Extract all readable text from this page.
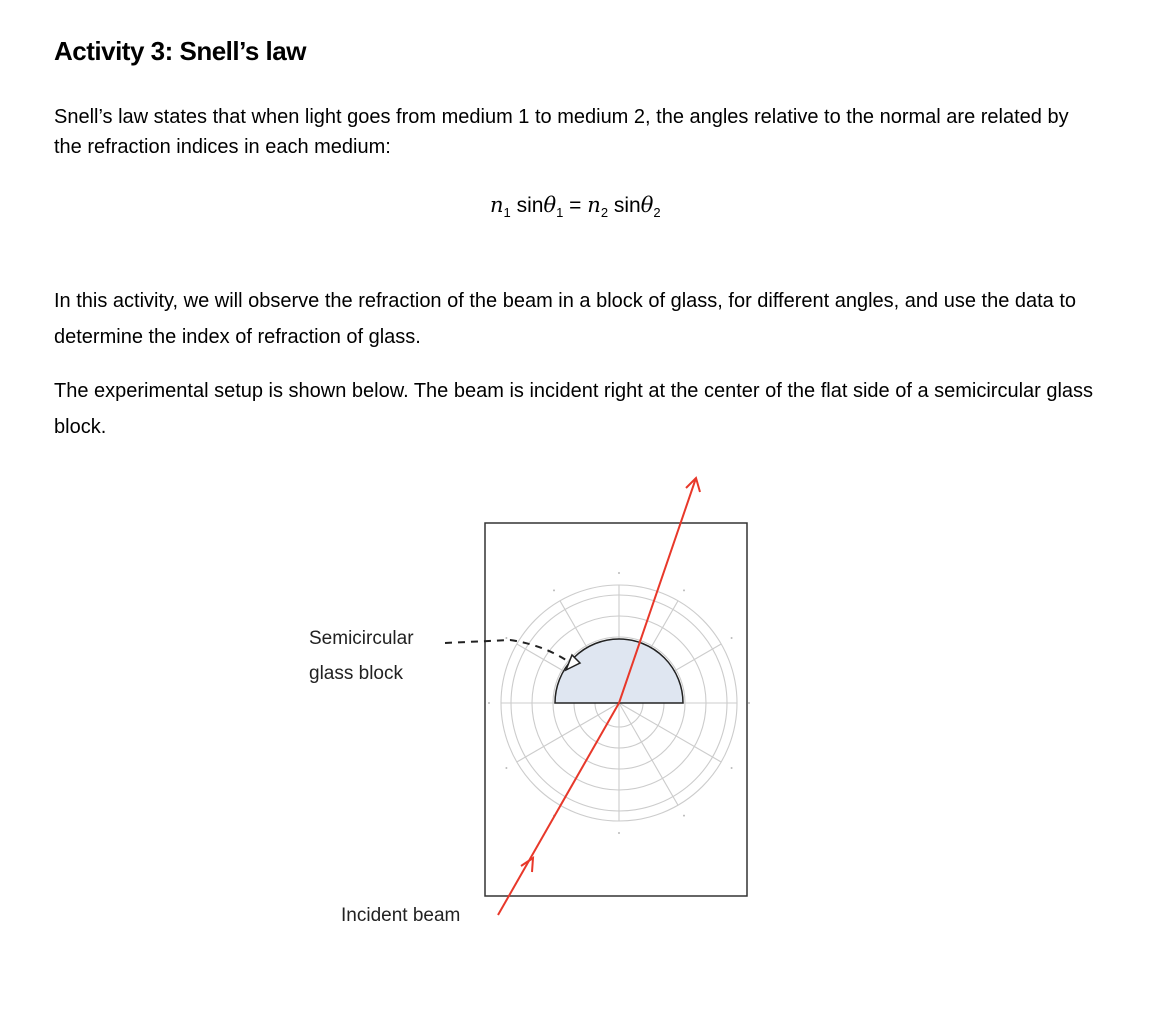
Activity 3: Snell’s law

Snell’s law states that when light goes from medium 1 to medium 2, the angles relative to the normal are related by the refraction indices in each medium:

$n_1$ $\sin\theta_1 = n_2$ sinθ$_2$

In this activity, we will observe the refraction of the beam in a block of glass, for different angles, and use the data to determine the index of refraction of glass.

The experimental setup is shown below. The beam is incident right at the center of the flat side of a semicircular glass block.

Semicircular
glass block
Incident beam
